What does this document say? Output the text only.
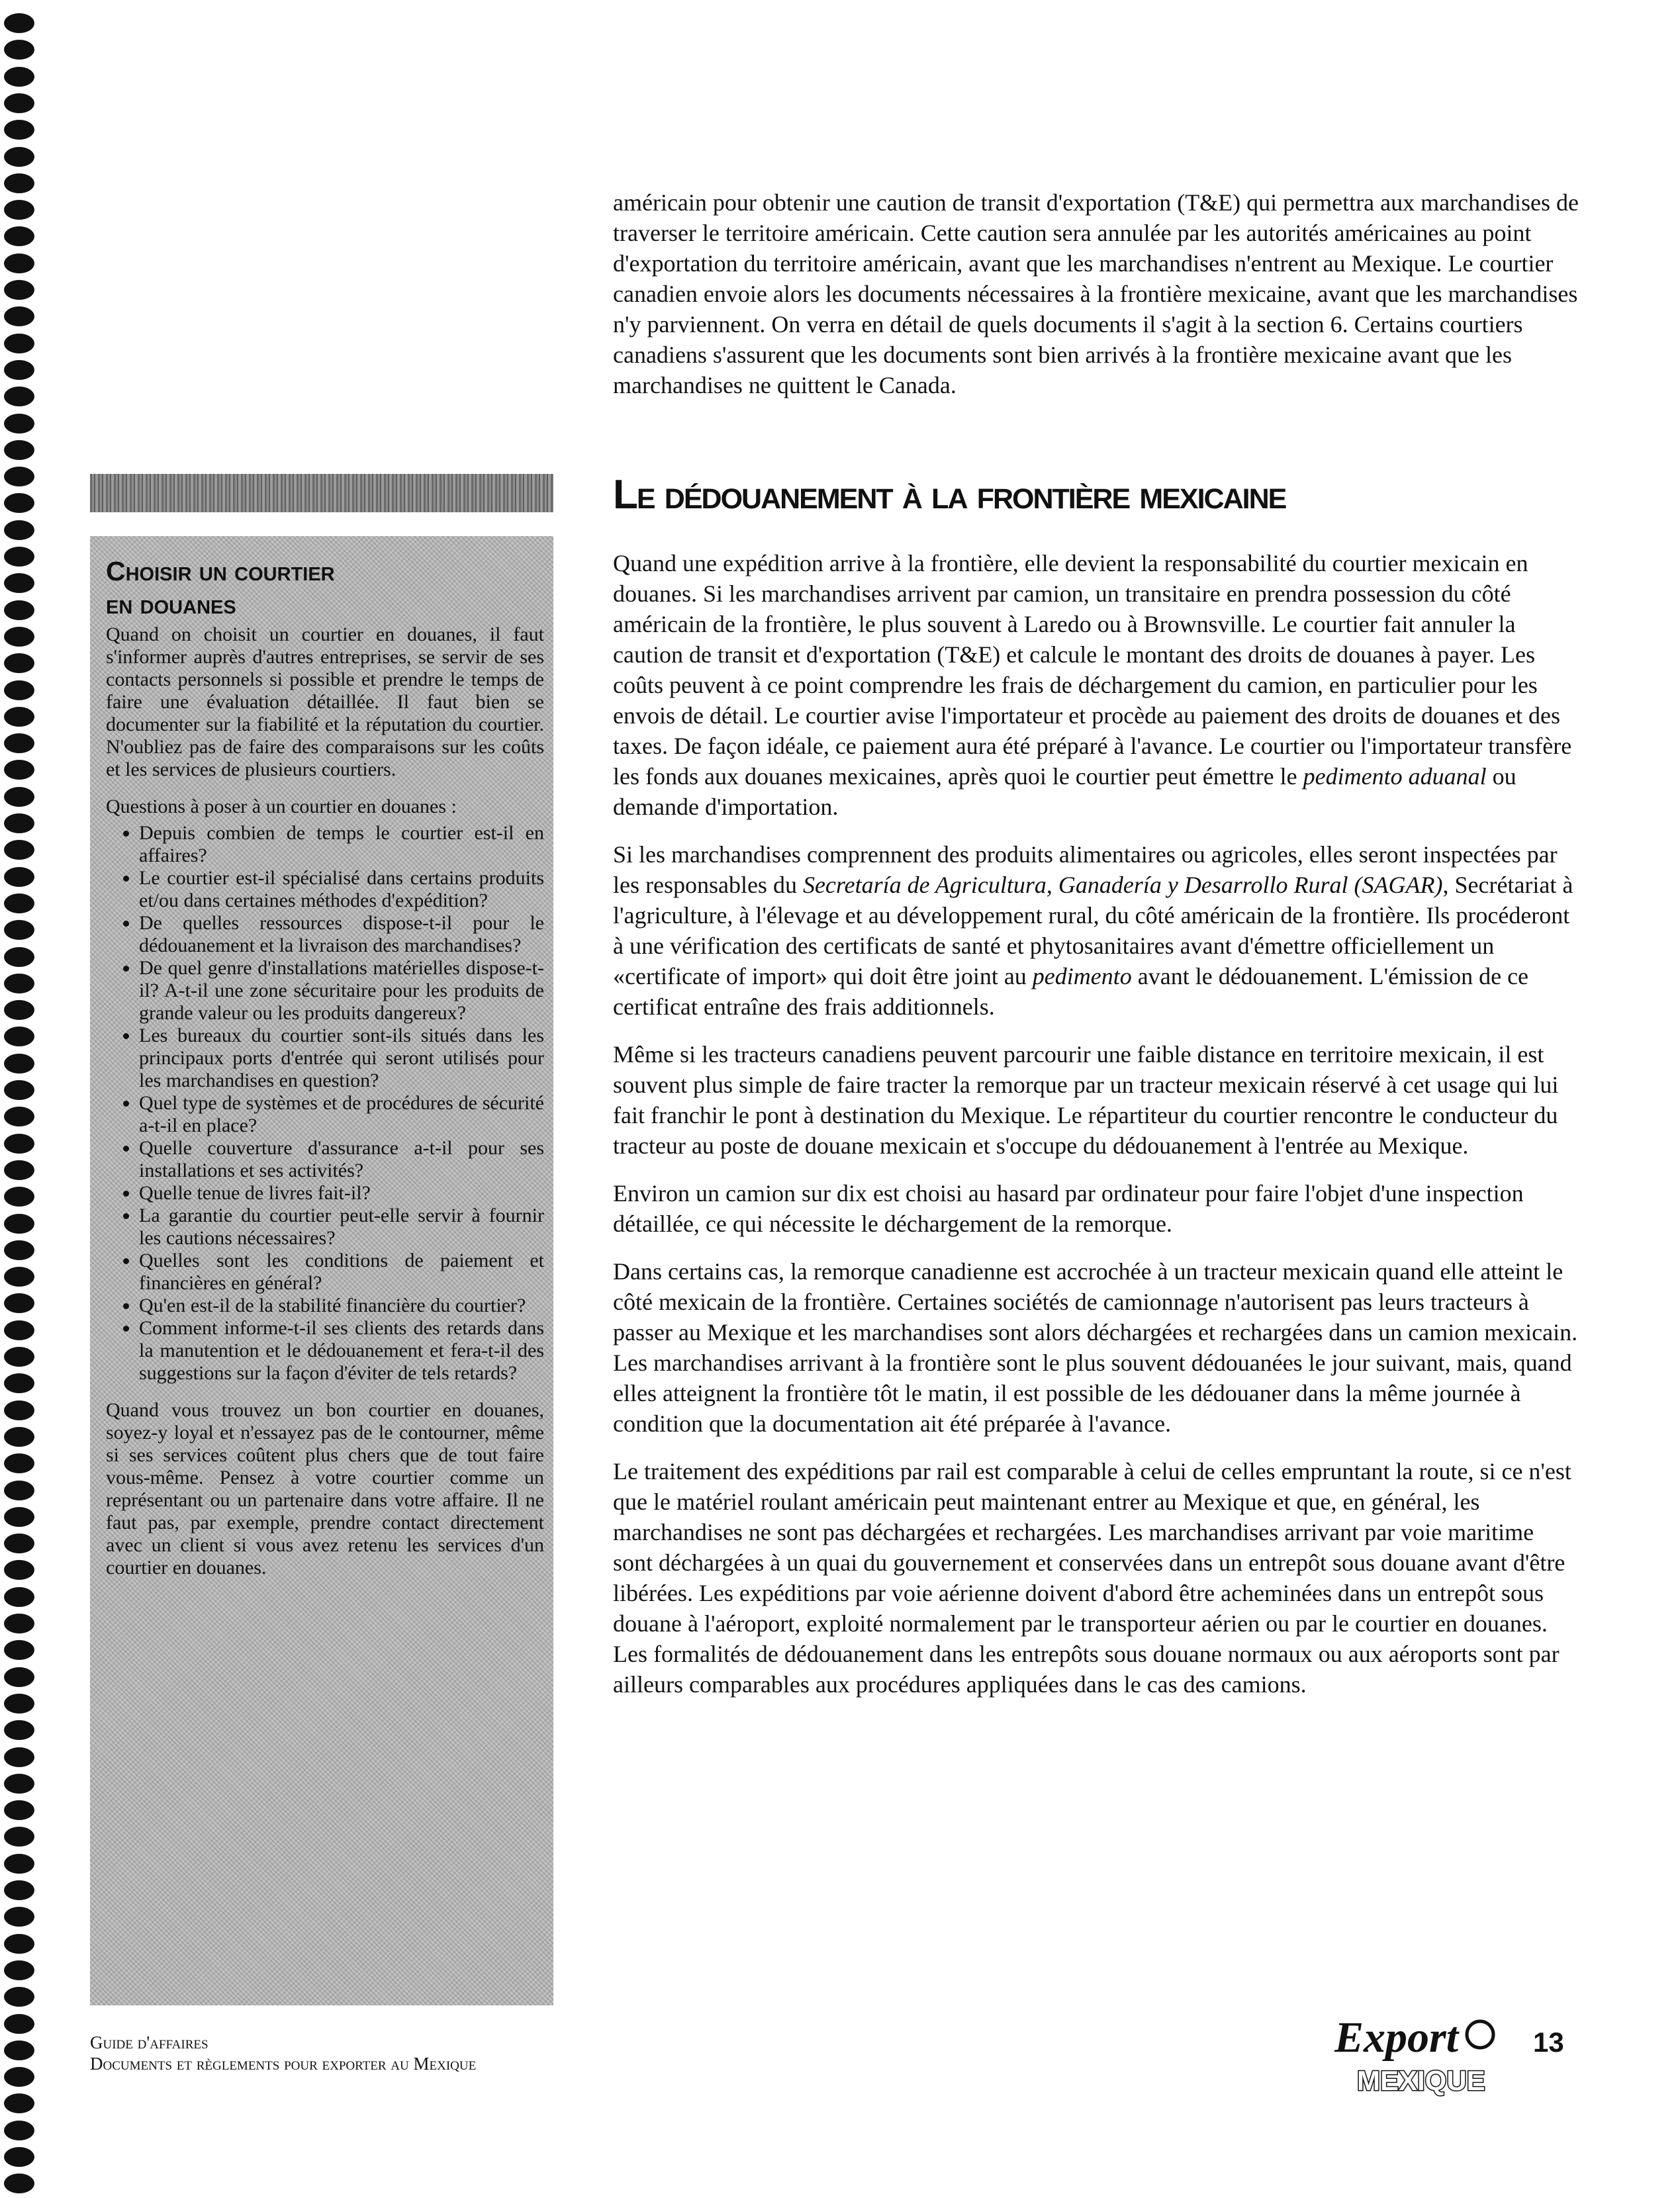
américain pour obtenir une caution de transit d'exportation (T&E) qui permettra aux marchandises de traverser le territoire américain. Cette caution sera annulée par les autorités américaines au point d'exportation du territoire américain, avant que les marchandises n'entrent au Mexique. Le courtier canadien envoie alors les documents nécessaires à la frontière mexicaine, avant que les marchandises n'y parviennent. On verra en détail de quels documents il s'agit à la section 6. Certains courtiers canadiens s'assurent que les documents sont bien arrivés à la frontière mexicaine avant que les marchandises ne quittent le Canada.

Le dédouanement à la frontière mexicaine

Quand une expédition arrive à la frontière, elle devient la responsabilité du courtier mexicain en douanes. Si les marchandises arrivent par camion, un transitaire en prendra possession du côté américain de la frontière, le plus souvent à Laredo ou à Brownsville. Le courtier fait annuler la caution de transit et d'exportation (T&E) et calcule le montant des droits de douanes à payer. Les coûts peuvent à ce point comprendre les frais de déchargement du camion, en particulier pour les envois de détail. Le courtier avise l'importateur et procède au paiement des droits de douanes et des taxes. De façon idéale, ce paiement aura été préparé à l'avance. Le courtier ou l'importateur transfère les fonds aux douanes mexicaines, après quoi le courtier peut émettre le pedimento aduanal ou demande d'importation.

Si les marchandises comprennent des produits alimentaires ou agricoles, elles seront inspectées par les responsables du Secretaría de Agricultura, Ganadería y Desarrollo Rural (SAGAR), Secrétariat à l'agriculture, à l'élevage et au développement rural, du côté américain de la frontière. Ils procéderont à une vérification des certificats de santé et phytosanitaires avant d'émettre officiellement un «certificate of import» qui doit être joint au pedimento avant le dédouanement. L'émission de ce certificat entraîne des frais additionnels.

Même si les tracteurs canadiens peuvent parcourir une faible distance en territoire mexicain, il est souvent plus simple de faire tracter la remorque par un tracteur mexicain réservé à cet usage qui lui fait franchir le pont à destination du Mexique. Le répartiteur du courtier rencontre le conducteur du tracteur au poste de douane mexicain et s'occupe du dédouanement à l'entrée au Mexique.

Environ un camion sur dix est choisi au hasard par ordinateur pour faire l'objet d'une inspection détaillée, ce qui nécessite le déchargement de la remorque.

Dans certains cas, la remorque canadienne est accrochée à un tracteur mexicain quand elle atteint le côté mexicain de la frontière. Certaines sociétés de camionnage n'autorisent pas leurs tracteurs à passer au Mexique et les marchandises sont alors déchargées et rechargées dans un camion mexicain. Les marchandises arrivant à la frontière sont le plus souvent dédouanées le jour suivant, mais, quand elles atteignent la frontière tôt le matin, il est possible de les dédouaner dans la même journée à condition que la documentation ait été préparée à l'avance.

Le traitement des expéditions par rail est comparable à celui de celles empruntant la route, si ce n'est que le matériel roulant américain peut maintenant entrer au Mexique et que, en général, les marchandises ne sont pas déchargées et rechargées. Les marchandises arrivant par voie maritime sont déchargées à un quai du gouvernement et conservées dans un entrepôt sous douane avant d'être libérées. Les expéditions par voie aérienne doivent d'abord être acheminées dans un entrepôt sous douane à l'aéroport, exploité normalement par le transporteur aérien ou par le courtier en douanes. Les formalités de dédouanement dans les entrepôts sous douane normaux ou aux aéroports sont par ailleurs comparables aux procédures appliquées dans le cas des camions.

Choisir un courtier
en douanes

Quand on choisit un courtier en douanes, il faut s'informer auprès d'autres entreprises, se servir de ses contacts personnels si possible et prendre le temps de faire une évaluation détaillée. Il faut bien se documenter sur la fiabilité et la réputation du courtier. N'oubliez pas de faire des comparaisons sur les coûts et les services de plusieurs courtiers.

Questions à poser à un courtier en douanes :

• Depuis combien de temps le courtier est-il en affaires?
• Le courtier est-il spécialisé dans certains produits et/ou dans certaines méthodes d'expédition?
• De quelles ressources dispose-t-il pour le dédouanement et la livraison des marchandises?
• De quel genre d'installations matérielles dispose-t-il? A-t-il une zone sécuritaire pour les produits de grande valeur ou les produits dangereux?
• Les bureaux du courtier sont-ils situés dans les principaux ports d'entrée qui seront utilisés pour les marchandises en question?
• Quel type de systèmes et de procédures de sécurité a-t-il en place?
• Quelle couverture d'assurance a-t-il pour ses installations et ses activités?
• Quelle tenue de livres fait-il?
• La garantie du courtier peut-elle servir à fournir les cautions nécessaires?
• Quelles sont les conditions de paiement et financières en général?
• Qu'en est-il de la stabilité financière du courtier?
• Comment informe-t-il ses clients des retards dans la manutention et le dédouanement et fera-t-il des suggestions sur la façon d'éviter de tels retards?

Quand vous trouvez un bon courtier en douanes, soyez-y loyal et n'essayez pas de le contourner, même si ses services coûtent plus chers que de tout faire vous-même. Pensez à votre courtier comme un représentant ou un partenaire dans votre affaire. Il ne faut pas, par exemple, prendre contact directement avec un client si vous avez retenu les services d'un courtier en douanes.

Guide d'affaires
Documents et règlements pour exporter au Mexique
Export
MEXIQUE
13
